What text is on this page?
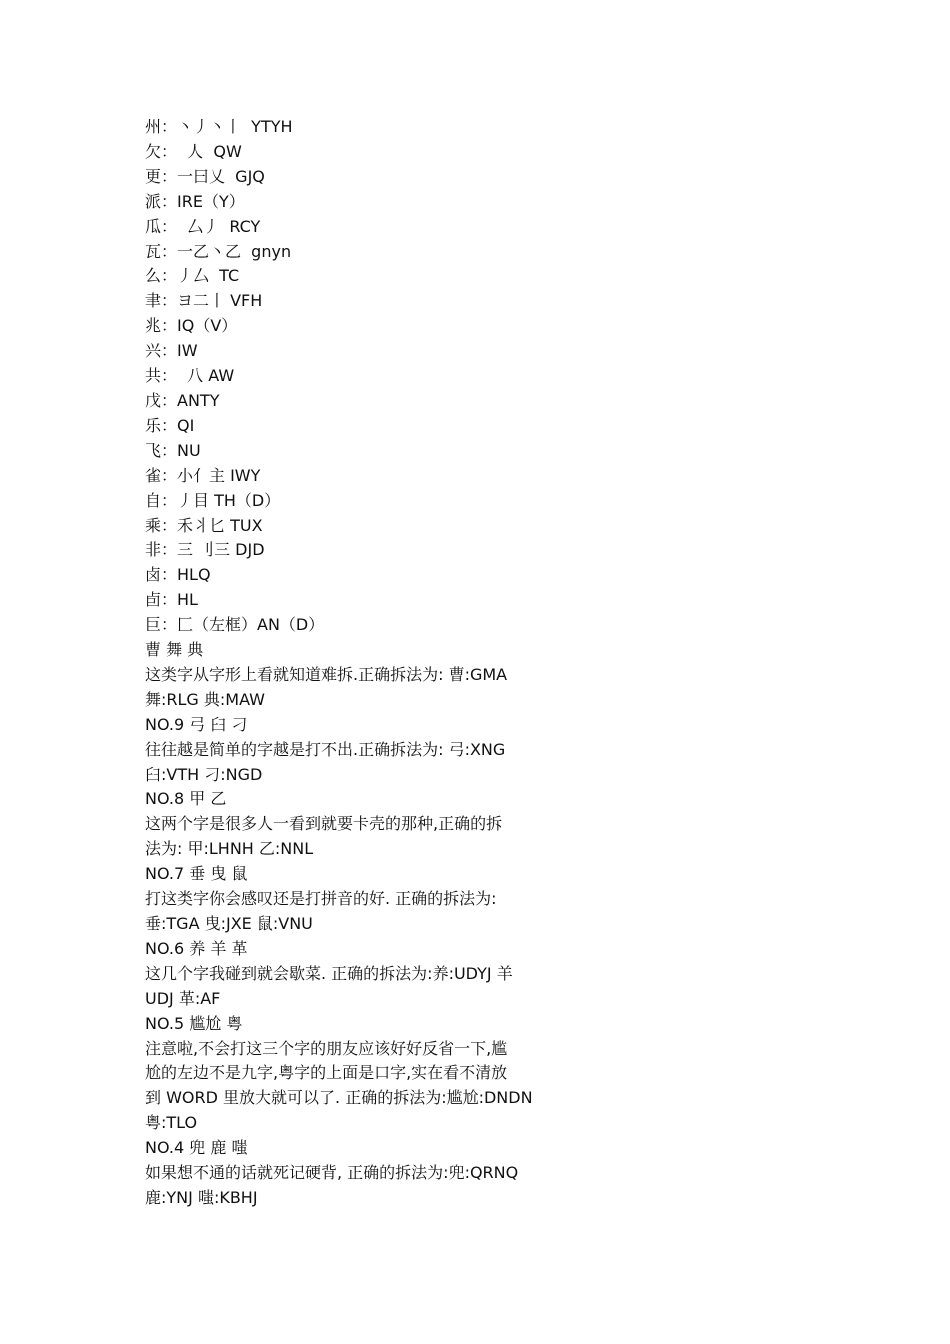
州：丶丿丶丨  YTYH

欠：  人  QW

更：一曰乂  GJQ

派：IRE（Y）

瓜：  厶丿  RCY

瓦：一乙丶乙  gnyn

么：丿厶  TC

聿：ヨ二丨 VFH

兆：IQ（V）

兴：IW

共：  八 AW

戊：ANTY

乐：QI

飞：NU

雀：小亻主 IWY

自：丿目 TH（D）

乘：禾丬匕 TUX

非：三 刂三 DJD

卤：HLQ

卣：HL

巨：匚（左框）AN（D）

曹 舞 典

这类字从字形上看就知道难拆.正确拆法为: 曹:GMA

舞:RLG 典:MAW

NO.9 弓 臼 刁

往往越是简单的字越是打不出.正确拆法为: 弓:XNG

臼:VTH 刁:NGD

NO.8 甲 乙

这两个字是很多人一看到就要卡壳的那种,正确的拆

法为: 甲:LHNH 乙:NNL

NO.7 垂 曳 鼠

打这类字你会感叹还是打拼音的好. 正确的拆法为:

垂:TGA 曳:JXE 鼠:VNU

NO.6 养 羊 革

这几个字我碰到就会歇菜. 正确的拆法为:养:UDYJ 羊

UDJ 革:AF

NO.5 尴尬 粤

注意啦,不会打这三个字的朋友应该好好反省一下,尴

尬的左边不是九字,粤字的上面是口字,实在看不清放

到 WORD 里放大就可以了. 正确的拆法为:尴尬:DNDN

粤:TLO

NO.4 兜 鹿 嗤

如果想不通的话就死记硬背, 正确的拆法为:兜:QRNQ

鹿:YNJ 嗤:KBHJ
